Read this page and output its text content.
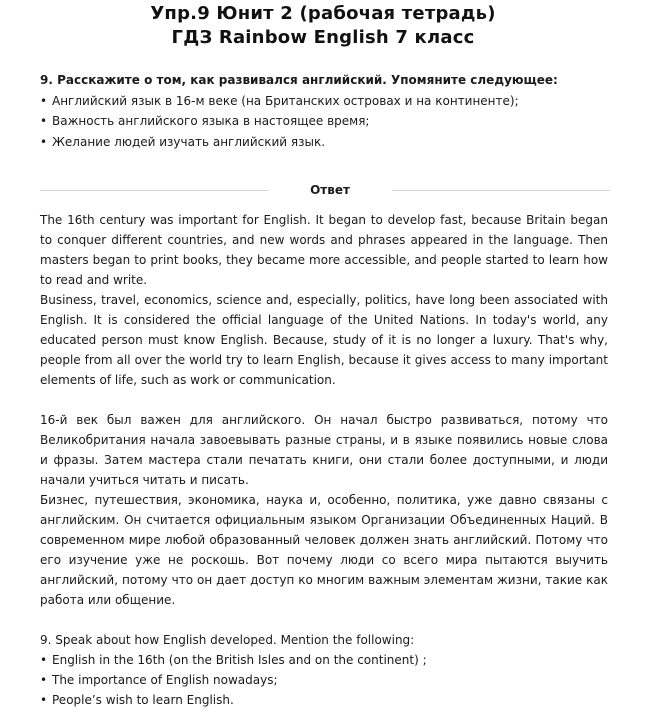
Упр.9 Юнит 2 (рабочая тетрадь)
ГДЗ Rainbow English 7 класс
9. Расскажите о том, как развивался английский. Упомяните следующее:
• Английский язык в 16-м веке (на Британских островах и на континенте);
• Важность английского языка в настоящее время;
• Желание людей изучать английский язык.
Ответ

The 16th century was important for English. It began to develop fast, because Britain began to conquer different countries, and new words and phrases appeared in the language. Then masters began to print books, they became more accessible, and people started to learn how to read and write.

Business, travel, economics, science and, especially, politics, have long been associated with English. It is considered the official language of the United Nations. In today's world, any educated person must know English. Because, study of it is no longer a luxury. That's why, people from all over the world try to learn English, because it gives access to many important elements of life, such as work or communication.

16-й век был важен для английского. Он начал быстро развиваться, потому что Великобритания начала завоевывать разные страны, и в языке появились новые слова и фразы. Затем мастера стали печатать книги, они стали более доступными, и люди начали учиться читать и писать.

Бизнес, путешествия, экономика, наука и, особенно, политика, уже давно связаны с английским. Он считается официальным языком Организации Объединенных Наций. В современном мире любой образованный человек должен знать английский. Потому что его изучение уже не роскошь. Вот почему люди со всего мира пытаются выучить английский, потому что он дает доступ ко многим важным элементам жизни, такие как работа или общение.

9. Speak about how English developed. Mention the following:
• English in the 16th (on the British Isles and on the continent) ;
• The importance of English nowadays;
• People’s wish to learn English.
